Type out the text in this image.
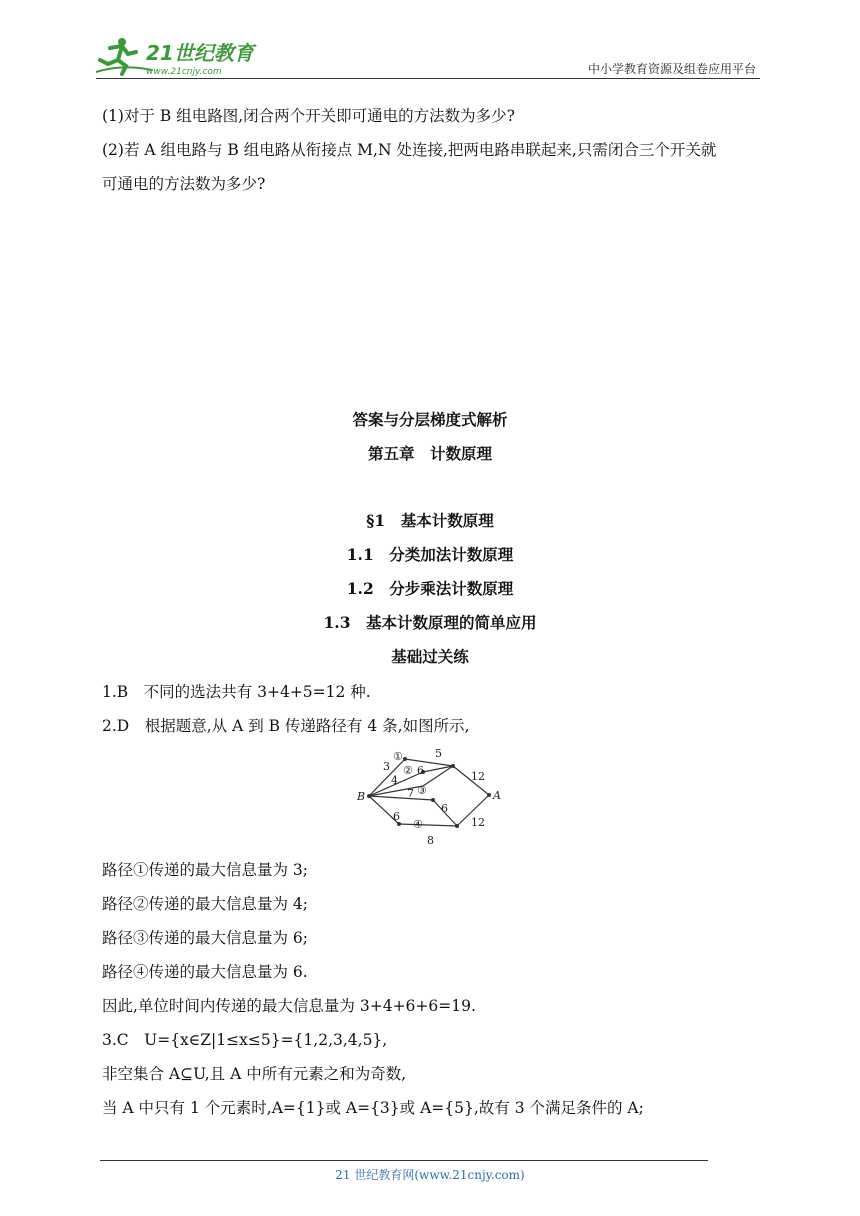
21世纪教育
www.21cnjy.com	中小学教育资源及组卷应用平台
(1)对于 B 组电路图,闭合两个开关即可通电的方法数为多少?
(2)若 A 组电路与 B 组电路从衔接点 M,N 处连接,把两电路串联起来,只需闭合三个开关就
可通电的方法数为多少?
答案与分层梯度式解析
第五章　计数原理
§1　基本计数原理
1.1　分类加法计数原理
1.2　分步乘法计数原理
1.3　基本计数原理的简单应用
基础过关练
1.B　不同的选法共有 3+4+5=12 种.
2.D　根据题意,从 A 到 B 传递路径有 4 条,如图所示,
B	A
3
5
4
6	12
7
6
6	12
8
①
②
③
④
路径①传递的最大信息量为 3;
路径②传递的最大信息量为 4;
路径③传递的最大信息量为 6;
路径④传递的最大信息量为 6.
因此,单位时间内传递的最大信息量为 3+4+6+6=19.
3.C　U={x∈Z|1≤x≤5}={1,2,3,4,5},
非空集合 A⊆U,且 A 中所有元素之和为奇数,
当 A 中只有 1 个元素时,A={1}或 A={3}或 A={5},故有 3 个满足条件的 A;
21 世纪教育网(www.21cnjy.com)
